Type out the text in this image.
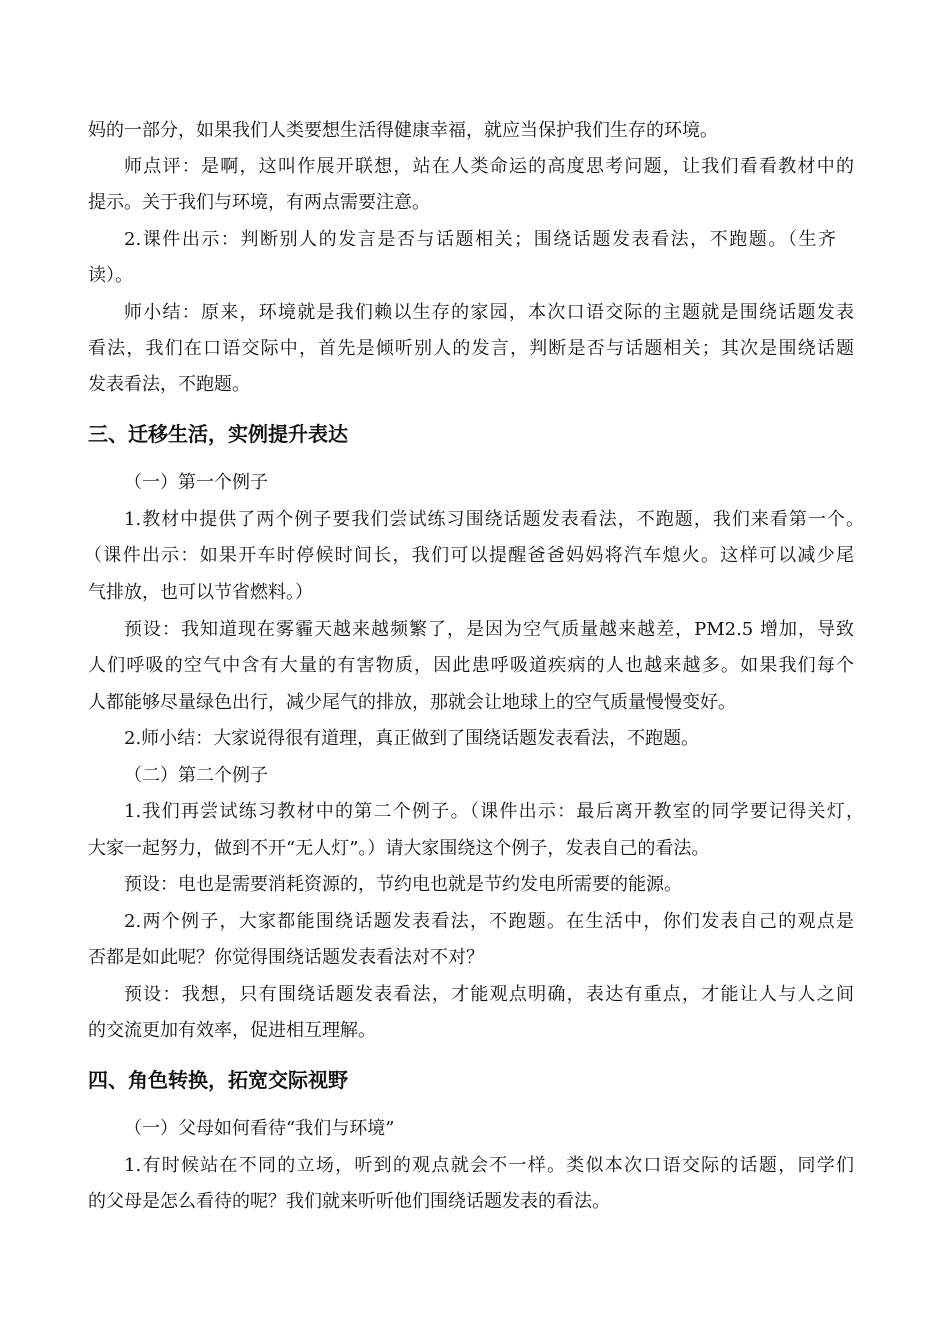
妈的一部分，如果我们人类要想生活得健康幸福，就应当保护我们生存的环境。
师点评：是啊，这叫作展开联想，站在人类命运的高度思考问题，让我们看看教材中的
提示。关于我们与环境，有两点需要注意。
2.课件出示：判断别人的发言是否与话题相关；围绕话题发表看法，不跑题。（生齐
读）。
师小结：原来，环境就是我们赖以生存的家园，本次口语交际的主题就是围绕话题发表
看法，我们在口语交际中，首先是倾听别人的发言，判断是否与话题相关；其次是围绕话题
发表看法，不跑题。
三、迁移生活，实例提升表达
（一）第一个例子
1.教材中提供了两个例子要我们尝试练习围绕话题发表看法，不跑题，我们来看第一个。
（课件出示：如果开车时停候时间长，我们可以提醒爸爸妈妈将汽车熄火。这样可以减少尾
气排放，也可以节省燃料。）
预设：我知道现在雾霾天越来越频繁了，是因为空气质量越来越差，PM2.5 增加，导致
人们呼吸的空气中含有大量的有害物质，因此患呼吸道疾病的人也越来越多。如果我们每个
人都能够尽量绿色出行，减少尾气的排放，那就会让地球上的空气质量慢慢变好。
2.师小结：大家说得很有道理，真正做到了围绕话题发表看法，不跑题。
（二）第二个例子
1.我们再尝试练习教材中的第二个例子。（课件出示：最后离开教室的同学要记得关灯，
大家一起努力，做到不开“无人灯”。）请大家围绕这个例子，发表自己的看法。
预设：电也是需要消耗资源的，节约电也就是节约发电所需要的能源。
2.两个例子，大家都能围绕话题发表看法，不跑题。在生活中，你们发表自己的观点是
否都是如此呢？你觉得围绕话题发表看法对不对？
预设：我想，只有围绕话题发表看法，才能观点明确，表达有重点，才能让人与人之间
的交流更加有效率，促进相互理解。
四、角色转换，拓宽交际视野
（一）父母如何看待“我们与环境”
1.有时候站在不同的立场，听到的观点就会不一样。类似本次口语交际的话题，同学们
的父母是怎么看待的呢？我们就来听听他们围绕话题发表的看法。
